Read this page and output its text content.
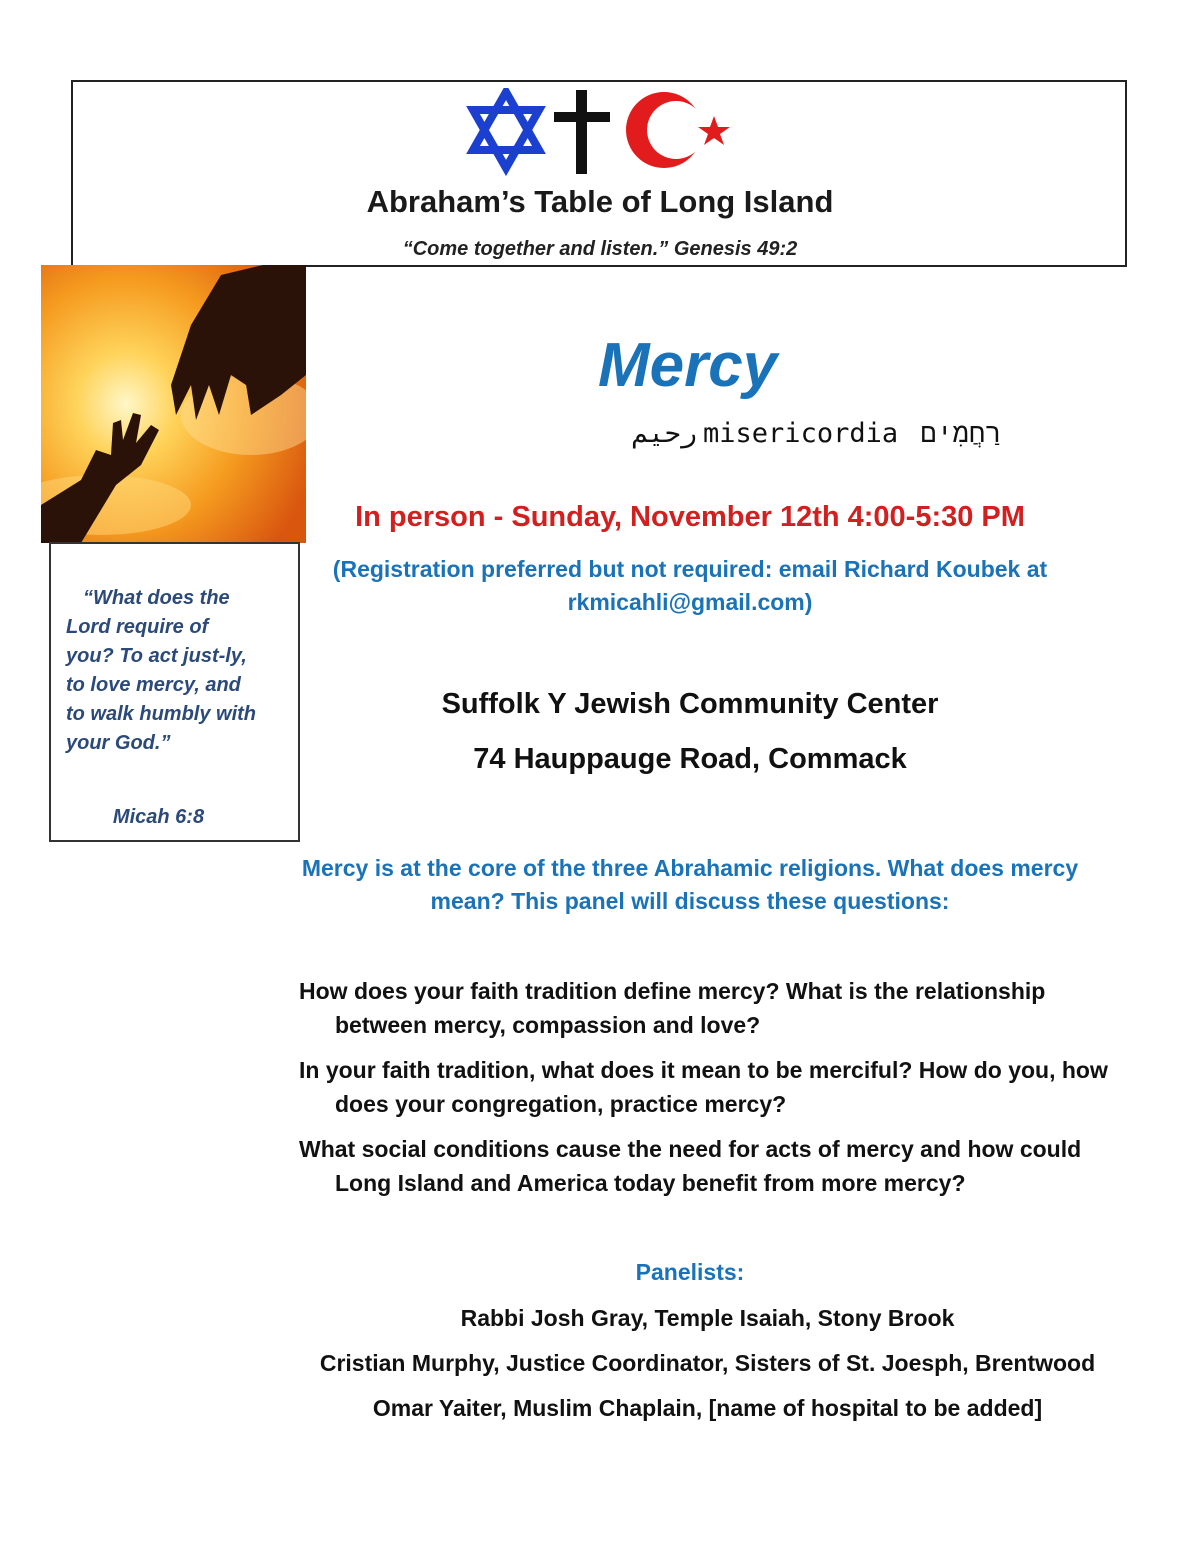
Abraham’s Table of Long Island
“Come together and listen.” Genesis 49:2
“What does the Lord require of you? To act just-ly, to love mercy, and to walk humbly with your God.”
Micah 6:8
Mercy
رحيم misericordia רַחֲמִים
In person - Sunday, November 12th 4:00-5:30 PM
(Registration preferred but not required: email Richard Koubek at rkmicahli@gmail.com)
Suffolk Y Jewish Community Center
74 Hauppauge Road, Commack
Mercy is at the core of the three Abrahamic religions. What does mercy mean? This panel will discuss these questions:
How does your faith tradition define mercy? What is the relationship between mercy, compassion and love?
In your faith tradition, what does it mean to be merciful? How do you, how does your congregation, practice mercy?
What social conditions cause the need for acts of mercy and how could Long Island and America today benefit from more mercy?
Panelists:
Rabbi Josh Gray, Temple Isaiah, Stony Brook
Cristian Murphy, Justice Coordinator, Sisters of St. Joesph, Brentwood
Omar Yaiter, Muslim Chaplain, [name of hospital to be added]
